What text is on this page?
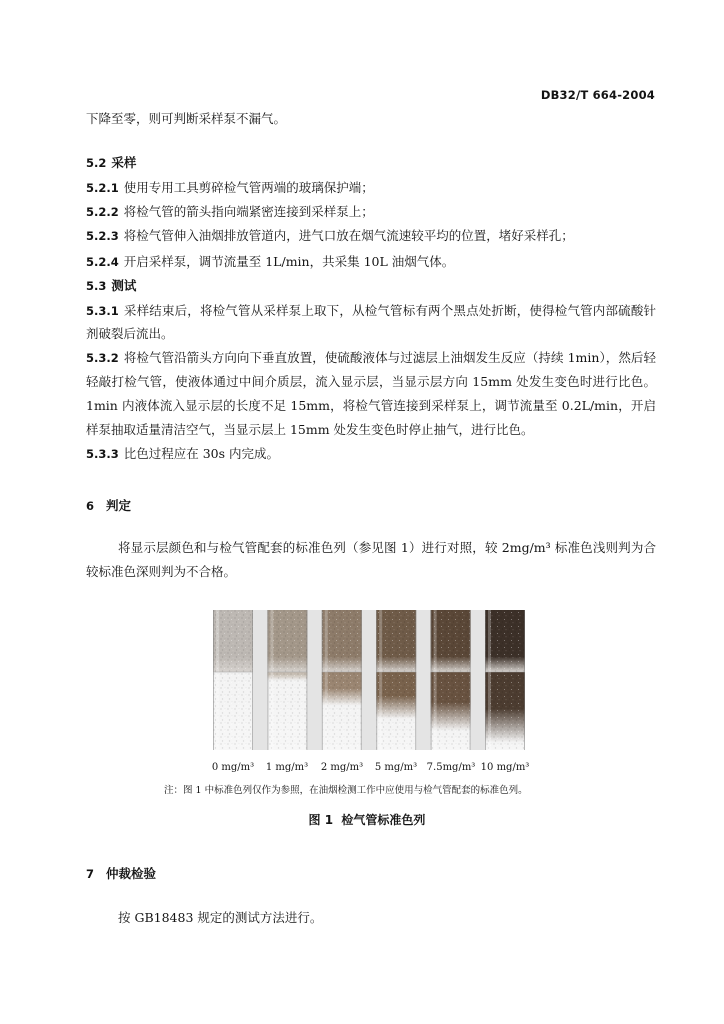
DB32/T 664-2004
下降至零，则可判断采样泵不漏气。
5.2 采样
5.2.1 使用专用工具剪碎检气管两端的玻璃保护端；
5.2.2 将检气管的箭头指向端紧密连接到采样泵上；
5.2.3 将检气管伸入油烟排放管道内，进气口放在烟气流速较平均的位置，堵好采样孔；
5.2.4 开启采样泵，调节流量至 1L/min，共采集 10L 油烟气体。
5.3 测试
5.3.1 采样结束后，将检气管从采样泵上取下，从检气管标有两个黑点处折断，使得检气管内部硫酸针
剂破裂后流出。
5.3.2 将检气管沿箭头方向向下垂直放置，使硫酸液体与过滤层上油烟发生反应（持续 1min），然后轻
轻敲打检气管，使液体通过中间介质层，流入显示层，当显示层方向 15mm 处发生变色时进行比色。
1min 内液体流入显示层的长度不足 15mm，将检气管连接到采样泵上，调节流量至 0.2L/min，开启
样泵抽取适量清洁空气，当显示层上 15mm 处发生变色时停止抽气，进行比色。
5.3.3 比色过程应在 30s 内完成。
6 判定
将显示层颜色和与检气管配套的标准色列（参见图 1）进行对照，较 2mg/m³ 标准色浅则判为合
较标准色深则判为不合格。
0 mg/m³	1 mg/m³	2 mg/m³	5 mg/m³ 7.5mg/m³ 10 mg/m³
注：图 1 中标准色列仅作为参照，在油烟检测工作中应使用与检气管配套的标准色列。
图 1  检气管标准色列
7 仲裁检验
按 GB18483 规定的测试方法进行。
